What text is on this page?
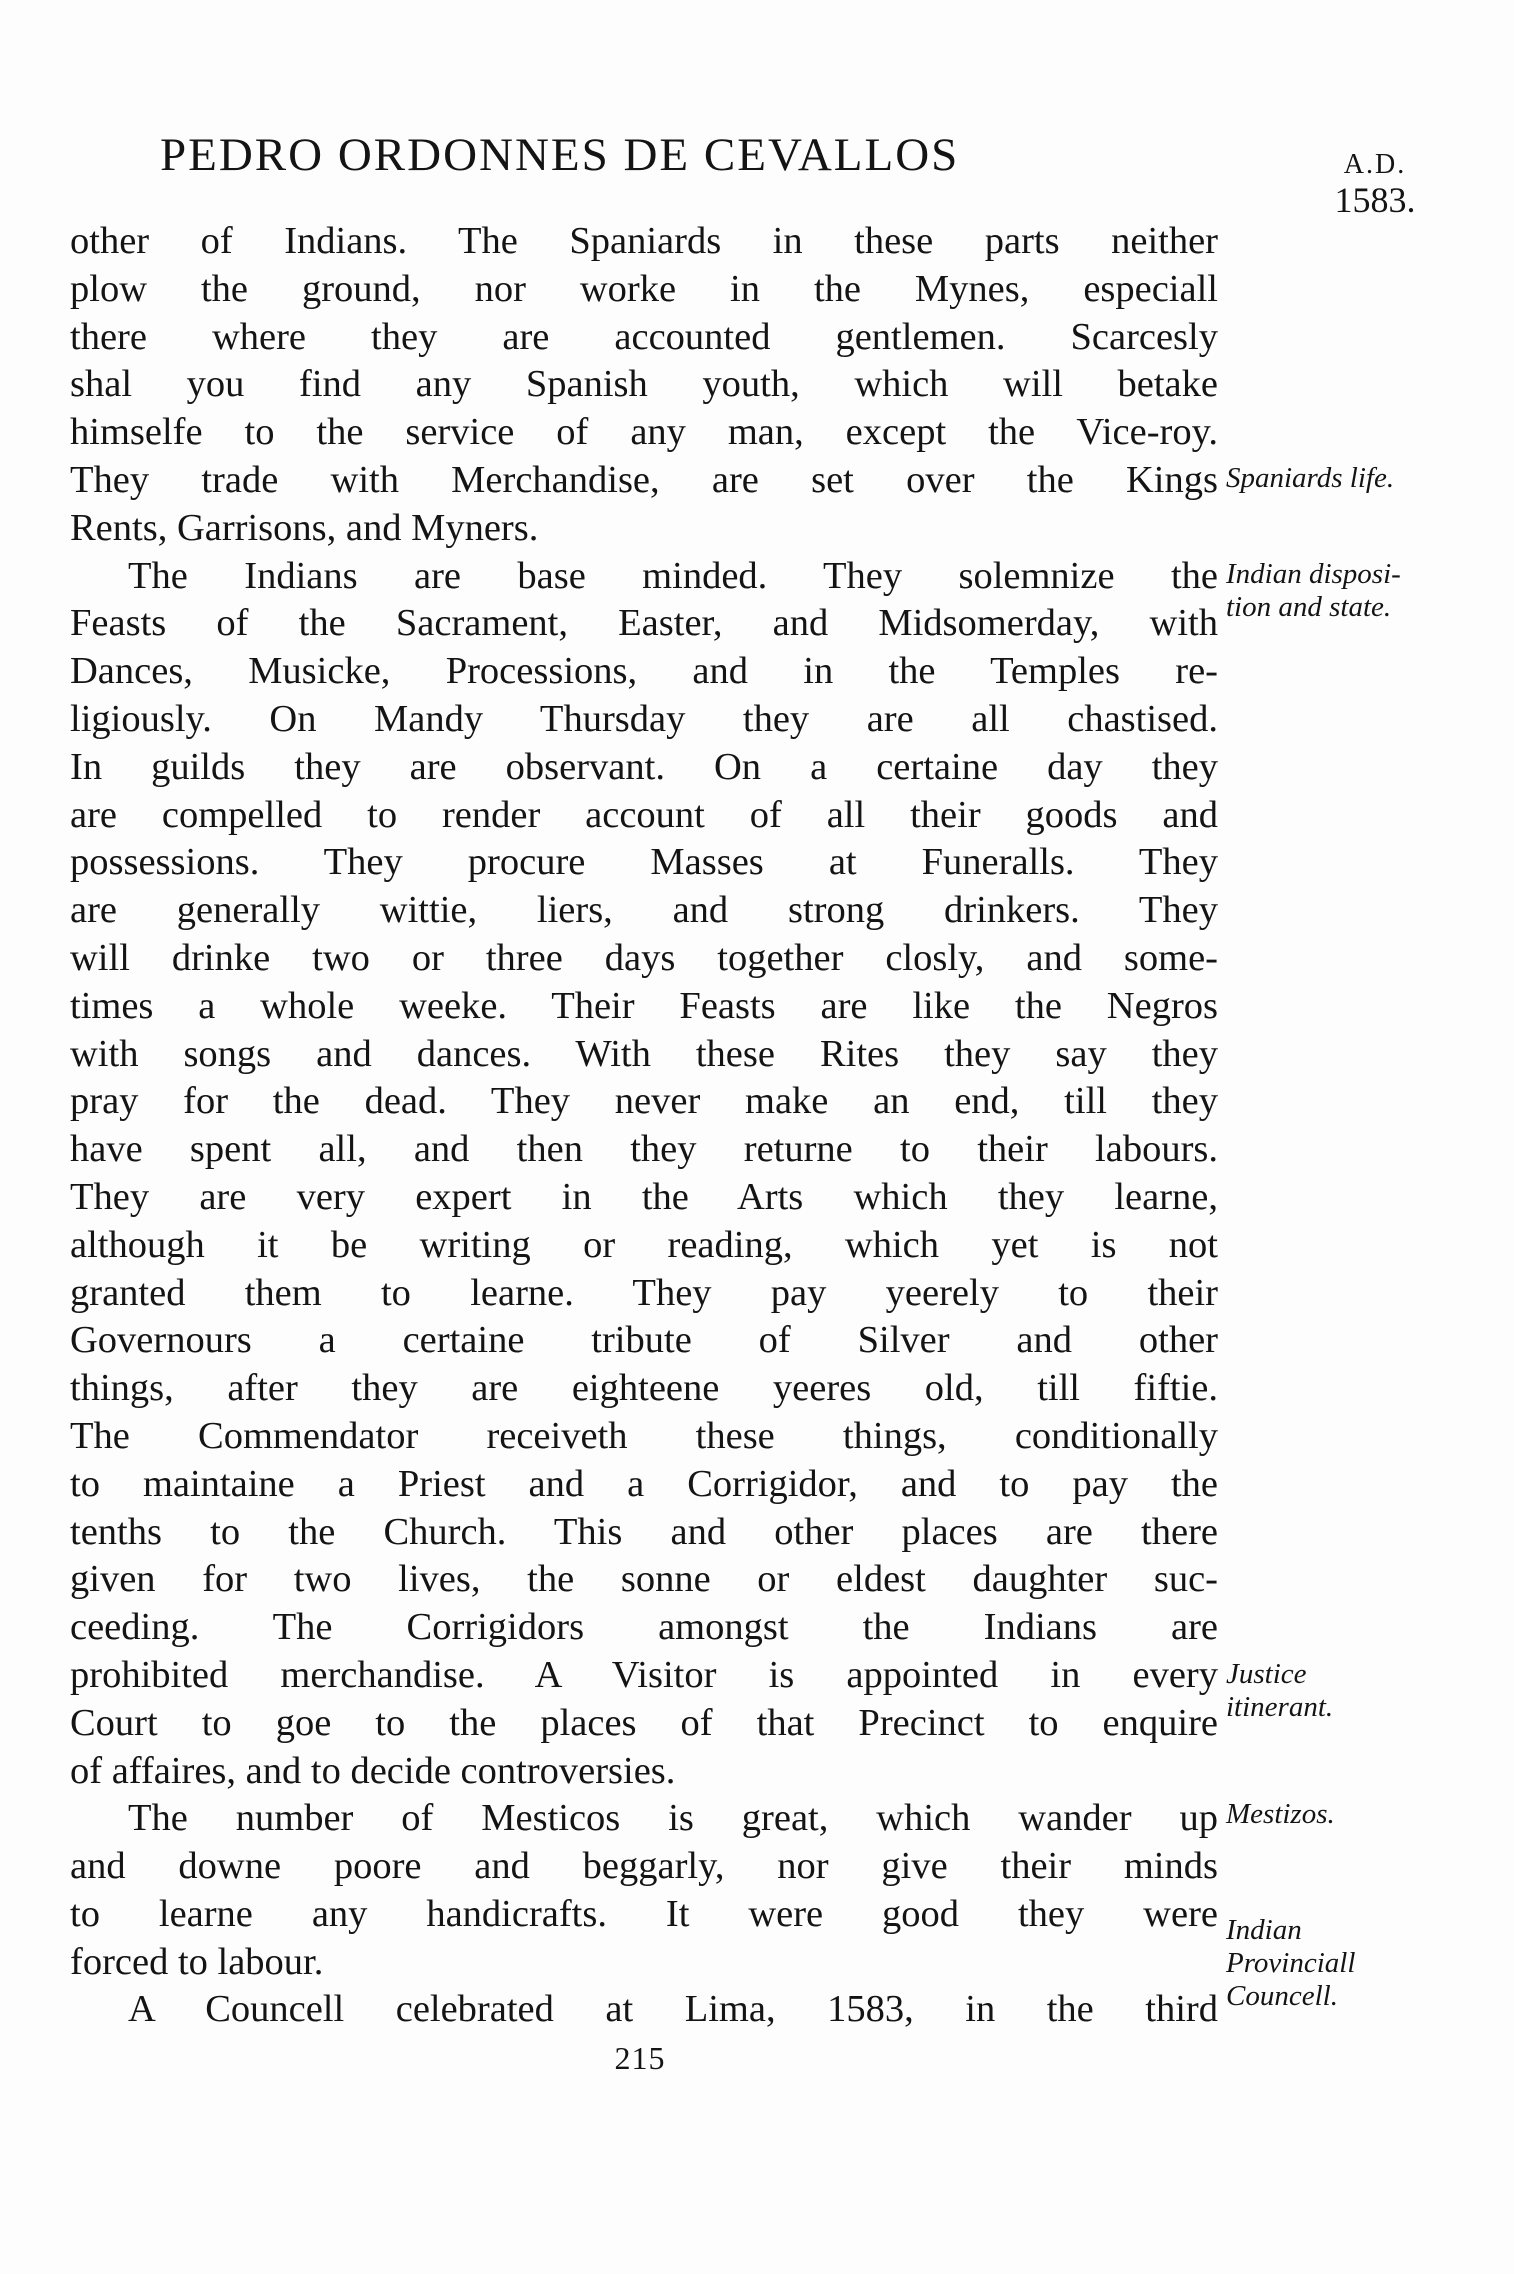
PEDRO ORDONNES DE CEVALLOS	A.D.
1583.
other of Indians. The Spaniards in these parts neither
plow the ground, nor worke in the Mynes, especiall
there where they are accounted gentlemen. Scarcesly
shal you find any Spanish youth, which will betake
himselfe to the service of any man, except the Vice-roy.
They trade with Merchandise, are set over the Kings
Rents, Garrisons, and Myners.
The Indians are base minded. They solemnize the
Feasts of the Sacrament, Easter, and Midsomerday, with
Dances, Musicke, Processions, and in the Temples re-
ligiously. On Mandy Thursday they are all chastised.
In guilds they are observant. On a certaine day they
are compelled to render account of all their goods and
possessions. They procure Masses at Funeralls. They
are generally wittie, liers, and strong drinkers. They
will drinke two or three days together closly, and some-
times a whole weeke. Their Feasts are like the Negros
with songs and dances. With these Rites they say they
pray for the dead. They never make an end, till they
have spent all, and then they returne to their labours.
They are very expert in the Arts which they learne,
although it be writing or reading, which yet is not
granted them to learne. They pay yeerely to their
Governours a certaine tribute of Silver and other
things, after they are eighteene yeeres old, till fiftie.
The Commendator receiveth these things, conditionally
to maintaine a Priest and a Corrigidor, and to pay the
tenths to the Church. This and other places are there
given for two lives, the sonne or eldest daughter suc-
ceeding. The Corrigidors amongst the Indians are
prohibited merchandise. A Visitor is appointed in every
Court to goe to the places of that Precinct to enquire
of affaires, and to decide controversies.
The number of Mesticos is great, which wander up
and downe poore and beggarly, nor give their minds
to learne any handicrafts. It were good they were
forced to labour.
A Councell celebrated at Lima, 1583, in the third
Spaniards life.
Indian disposi-
tion and state.
Justice
itinerant.
Mestizos.
Indian
Provinciall
Councell.
215
